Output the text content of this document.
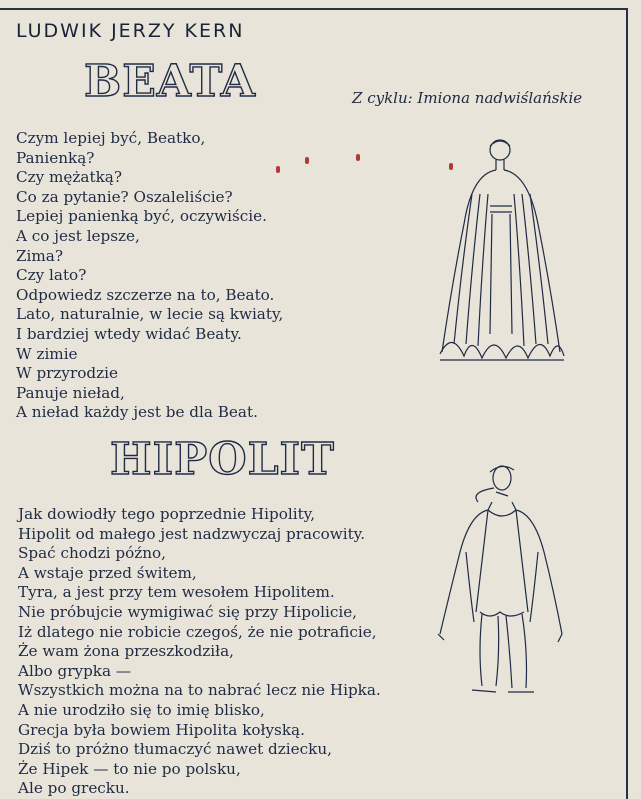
LUDWIK JERZY KERN
BEATA	Z cyklu: Imiona nadwiślańskie
Czym lepiej być, Beatko,
Panienką?
Czy mężatką?
Co za pytanie? Oszaleliście?
Lepiej panienką być, oczywiście.
A co jest lepsze,
Zima?
Czy lato?
Odpowiedz szczerze na to, Beato.
Lato, naturalnie, w lecie są kwiaty,
I bardziej wtedy widać Beaty.
W zimie
W przyrodzie
Panuje nieład,
A nieład każdy jest be dla Beat.
HIPOLIT
Jak dowiodły tego poprzednie Hipolity,
Hipolit od małego jest nadzwyczaj pracowity.
Spać chodzi późno,
A wstaje przed świtem,
Tyra, a jest przy tem wesołem Hipolitem.
Nie próbujcie wymigiwać się przy Hipolicie,
Iż dlatego nie robicie czegoś, że nie potraficie,
Że wam żona przeszkodziła,
Albo grypka —
Wszystkich można na to nabrać lecz nie Hipka.
A nie urodziło się to imię blisko,
Grecja była bowiem Hipolita kołyską.
Dziś to próżno tłumaczyć nawet dziecku,
Że Hipek — to nie po polsku,
Ale po grecku.
